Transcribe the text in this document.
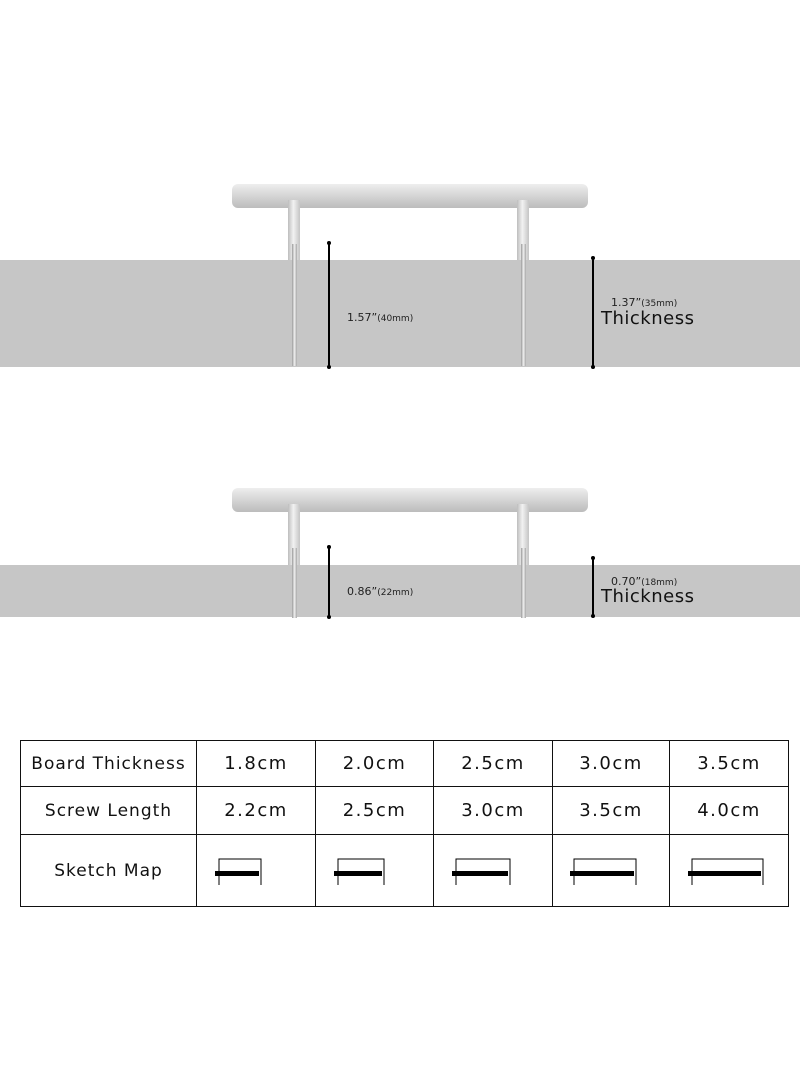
1.57”(40mm)
1.37”(35mm)
Thickness
0.86”(22mm)
0.70”(18mm)
Thickness
Board Thickness	1.8cm	2.0cm	2.5cm	3.0cm	3.5cm
Screw Length	2.2cm	2.5cm	3.0cm	3.5cm	4.0cm
Sketch Map	
